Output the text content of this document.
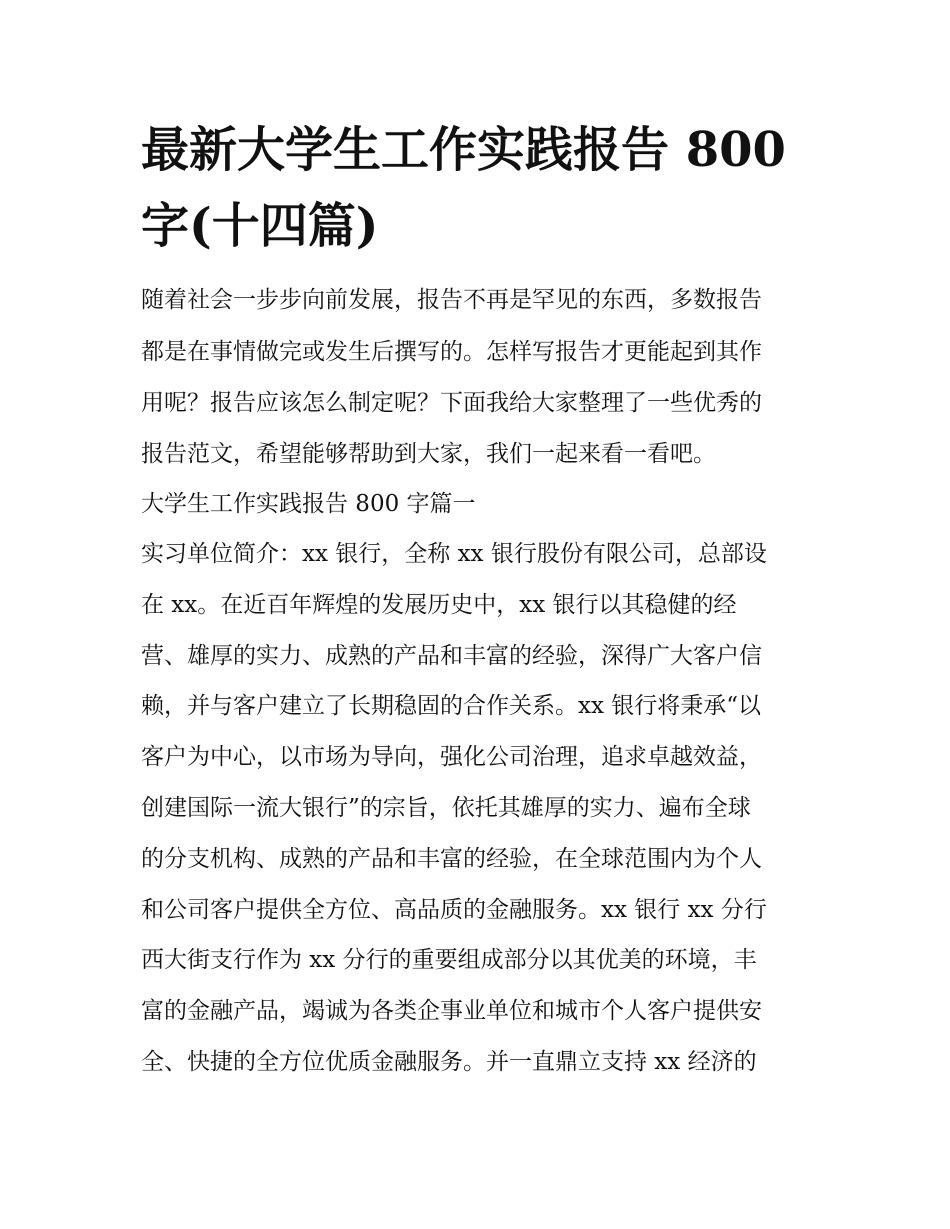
最新大学生工作实践报告 800
字(十四篇)

随着社会一步步向前发展，报告不再是罕见的东西，多数报告

都是在事情做完或发生后撰写的。怎样写报告才更能起到其作

用呢？报告应该怎么制定呢？下面我给大家整理了一些优秀的

报告范文，希望能够帮助到大家，我们一起来看一看吧。

大学生工作实践报告 800 字篇一

实习单位简介：xx 银行，全称 xx 银行股份有限公司，总部设

在 xx。在近百年辉煌的发展历史中，xx 银行以其稳健的经

营、雄厚的实力、成熟的产品和丰富的经验，深得广大客户信

赖，并与客户建立了长期稳固的合作关系。xx 银行将秉承“以

客户为中心，以市场为导向，强化公司治理，追求卓越效益，

创建国际一流大银行”的宗旨，依托其雄厚的实力、遍布全球

的分支机构、成熟的产品和丰富的经验，在全球范围内为个人

和公司客户提供全方位、高品质的金融服务。xx 银行 xx 分行

西大街支行作为 xx 分行的重要组成部分以其优美的环境，丰

富的金融产品，竭诚为各类企事业单位和城市个人客户提供安

全、快捷的全方位优质金融服务。并一直鼎立支持 xx 经济的
